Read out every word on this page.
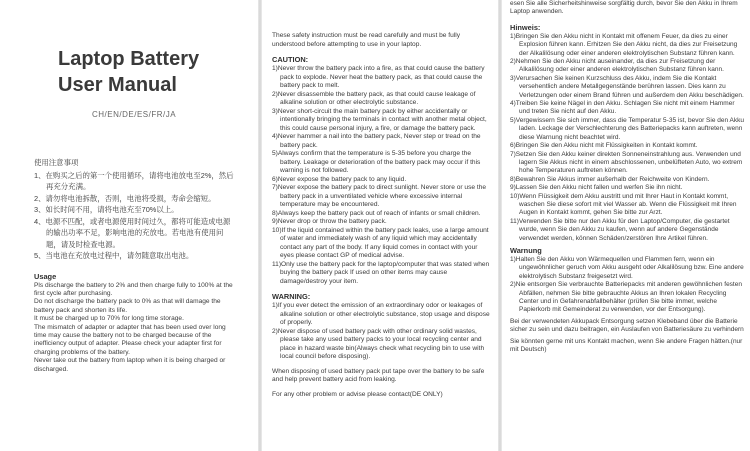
Laptop Battery
User Manual
CH/EN/DE/ES/FR/JA
使用注意事项
1、在购买之后的第一个使用循环，请将电池放电至2%，然后再充分充满。
2、请勿将电池拆散，否则，电池将受损，寿命会缩短。
3、如长时间不用，请将电池充至70%以上。
4、电源不匹配，或者电源使用时间过久，都将可能造成电源的输出功率不足，影响电池的充放电。若电池有使用问题，请及时检查电源。
5、当电池在充放电过程中，请勿随意取出电池。
Usage
Pls discharge the battery to 2% and then charge fully to 100% at the first cycle after purchasing.
Do not discharge the battery pack to 0% as that will damage the battery pack and shorten its life.
It must be charged up to 70% for long time storage.
The mismatch of adapter or adapter that has been used over long time may cause the battery not to be charged because of the inefficiency output of adapter. Please check your adapter first for charging problems of the battery.
Never take out the battery from laptop when it is being charged or discharged.

These safety instruction must be read carefully and must be fully understood before attempting to use in your laptop.

CAUTION:
1)Never throw the battery pack into a fire, as that could cause the battery pack to explode. Never heat the battery pack, as that could cause the battery pack to melt.
2)Never disassemble the battery pack, as that could cause leakage of alkaline solution or other electrolytic substance.
3)Never short-circuit the main battery pack by either accidentally or intentionally bringing the terminals in contact with another metal object, this could cause personal injury, a fire, or damage the battery pack.
4)Never hammer a nail into the battery pack, Never step or tread on the battery pack.
5)Always confirm that the temperature is 5-35 before you charge the battery. Leakage or deterioration of the battery pack may occur if this warning is not followed.
6)Never expose the battery pack to any liquid.
7)Never expose the battery pack to direct sunlight. Never store or use the battery pack in a unventilated vehicle where excessive internal temperature may be encountered.
8)Always keep the battery pack out of reach of infants or small children.
9)Never drop or throw the battery pack.
10)If the liquid contained within the battery pack leaks, use a large amount of water and immediately wash of any liquid which may accidentally contact any part of the body. If any liquid comes in contact with your eyes please contact GP of medical advise.
11)Only use the battery pack for the laptop/computer that was stated when buying the battery pack If used on other items may cause damage/destroy your item.
WARNING:
1)If you ever detect the emission of an extraordinary odor or leakages of alkaline solution or other electrolytic substance, stop usage and dispose of properly.
2)Never dispose of used battery pack with other ordinary solid wastes, please take any used battery packs to your local recycling center and place in hazard waste bin(Always check what recycling bin to use with local council before disposing).

When disposing of used battery pack put tape over the battery to be safe and help prevent battery acid from leaking.

For any other problem or advise please contact(DE ONLY)

esen Sie alle Sicherheitshinweise sorgfältig durch, bevor Sie den Akku in Ihrem Laptop anwenden.

Hinweis:
1)Bringen Sie den Akku nicht in Kontakt mit offenem Feuer, da dies zu einer Explosion führen kann. Erhitzen Sie den Akku nicht, da dies zur Freisetzung der Alkalilösung oder einer anderen elektrolytischen Substanz führen kann.
2)Nehmen Sie den Akku nicht auseinander, da dies zur Freisetzung der Alkalilösung oder einer anderen elektrolytischen Substanz führen kann.
3)Verursachen Sie keinen Kurzschluss des Akku, indem Sie die Kontakt versehentlich andere Metallgegenstände berühren lassen. Dies kann zu Verletzungen oder einem Brand führen und außerdem den Akku beschädigen.
4)Treiben Sie keine Nägel in den Akku. Schlagen Sie nicht mit einem Hammer und treten Sie nicht auf den Akku.
5)Vergewissern Sie sich immer, dass die Temperatur 5-35 ist, bevor Sie den Akku laden. Leckage der Verschlechterung des Batteriepacks kann auftreten, wenn diese Warnung nicht beachtet wird.
6)Bringen Sie den Akku nicht mit Flüssigkeiten in Kontakt kommt.
7)Setzen Sie den Akku keiner direkten Sonneneinstrahlung aus. Verwenden und lagern Sie Akkus nicht in einem abschlossenen, unbelüfteten Auto, wo extrem hohe Temperaturen auftreten können.
8)Bewahren Sie Akkus immer außerhalb der Reichweite von Kindern.
9)Lassen Sie den Akku nicht fallen und werfen Sie ihn nicht.
10)Wenn Flüssigkeit dem Akku austritt und mit Ihrer Haut in Kontakt kommt, waschen Sie diese sofort mit viel Wasser ab. Wenn die Flüssigkeit mit Ihren Augen in Kontakt kommt, gehen Sie bitte zur Arzt.
11)Verwenden Sie bitte nur den Akku für den Laptop/Computer, die gestartet wurde, wenn Sie den Akku zu kaufen, wenn auf andere Gegenstände verwendet werden, können Schäden/zerstören Ihre Artikel führen.
Warnung
1)Halten Sie den Akku von Wärmequellen und Flammen fern, wenn ein ungewöhnlicher geruch vom Akku ausgeht oder Alkalilösung bzw. Eine andere elektrolytisch Substanz freigesetzt wird.
2)Nie entsorgen Sie verbrauchte Batteriepacks mit anderen gewöhnlichen festen Abfällen, nehmen Sie bitte gebrauchte Akkus an Ihren lokalen Recycling Center und in Gefahrenabfallbehälter (prüfen Sie bitte immer, welche Papierkorb mit Gemeinderat zu verwenden, vor der Entsorgung).

Bei der verwendeten Akkupack Entsorgung setzen Klebeband über die Batterie sicher zu sein und dazu beitragen, ein Auslaufen von Batteriesäure zu verhindern

Sie könnten gerne mit uns Kontakt machen, wenn Sie andere Fragen hätten.(nur mit Deutsch)
